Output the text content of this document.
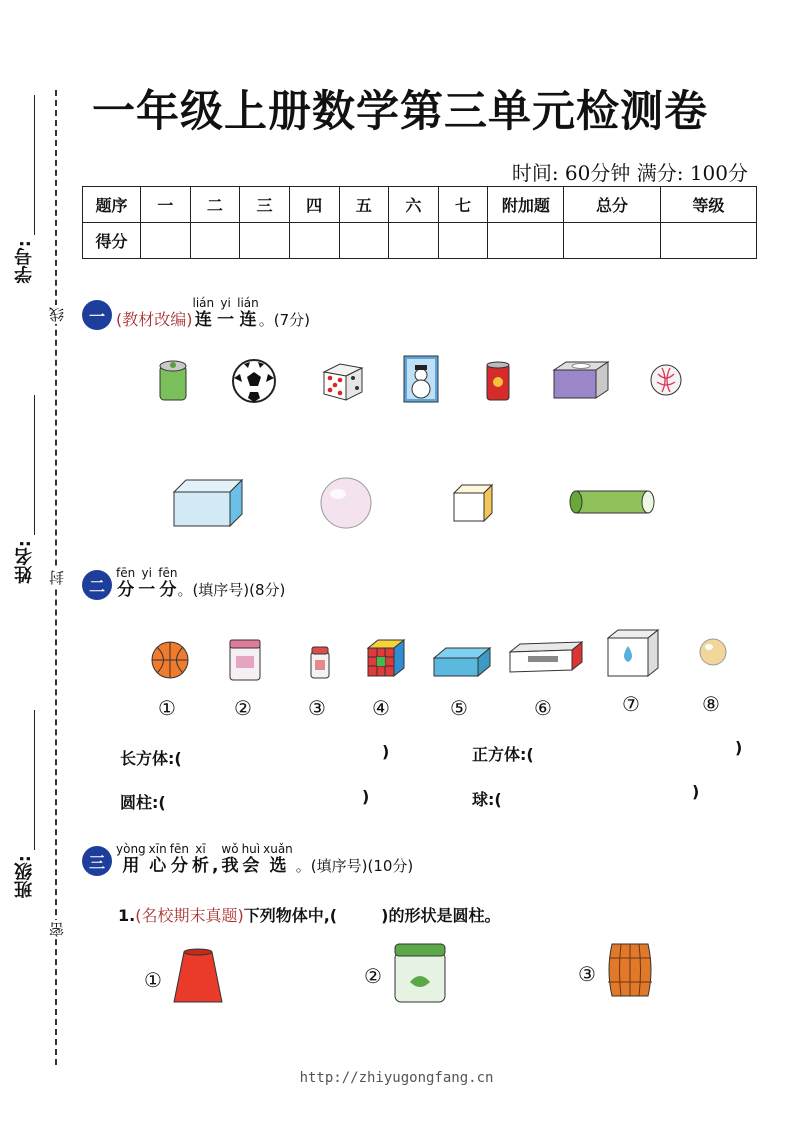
学号:
姓名:
班级:
线
封
密
一年级上册数学第三单元检测卷
时间: 60分钟 满分: 100分
题序	一	二	三	四	五	六	七	附加题	总分	等级
得分										
一 (教材改编)
lián
连
yi
一
lián
连 。(7分)
二
fēn
分
yi
一
fēn
分 。(填序号)(8分)
①	②	③ ④	⑤	⑥	⑦	⑧
长方体:(	)	正方体:(	)
圆柱:(	)	球:(	)
三
yòng
用
xīn
心
fēn
分
xī
析 ,
wǒ
我
huì
会
xuǎn
选 。(填序号)(10分)
1.(名校期末真题)下列物体中,(	)的形状是圆柱。
①	②	③
http://zhiyugongfang.cn
